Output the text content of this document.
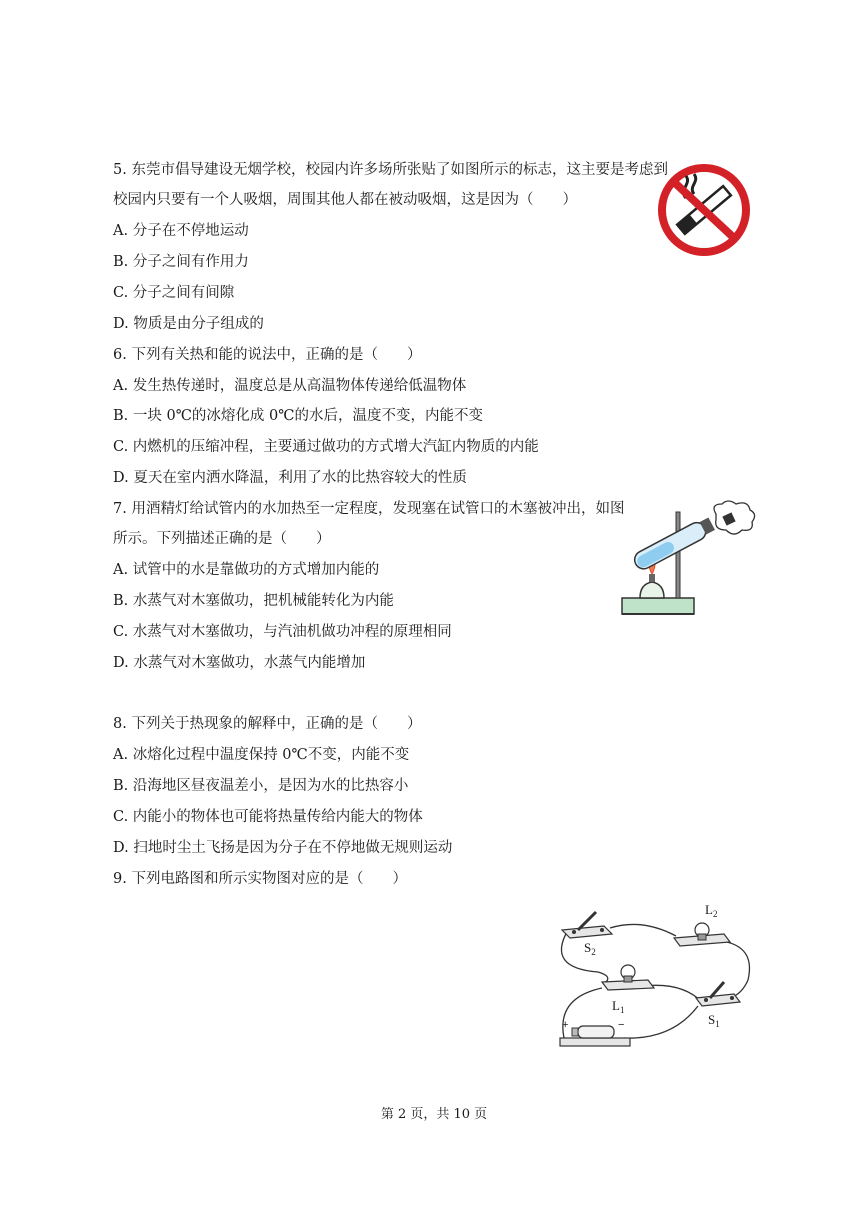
5. 东莞市倡导建设无烟学校，校园内许多场所张贴了如图所示的标志，这主要是考虑到
校园内只要有一个人吸烟，周围其他人都在被动吸烟，这是因为（　　）
A. 分子在不停地运动
B. 分子之间有作用力
C. 分子之间有间隙
D. 物质是由分子组成的
6. 下列有关热和能的说法中，正确的是（　　）
A. 发生热传递时，温度总是从高温物体传递给低温物体
B. 一块 0℃的冰熔化成 0℃的水后，温度不变，内能不变
C. 内燃机的压缩冲程，主要通过做功的方式增大汽缸内物质的内能
D. 夏天在室内洒水降温，利用了水的比热容较大的性质
7. 用酒精灯给试管内的水加热至一定程度，发现塞在试管口的木塞被冲出，如图
所示。下列描述正确的是（　　）
A. 试管中的水是靠做功的方式增加内能的
B. 水蒸气对木塞做功，把机械能转化为内能
C. 水蒸气对木塞做功，与汽油机做功冲程的原理相同
D. 水蒸气对木塞做功，水蒸气内能增加
8. 下列关于热现象的解释中，正确的是（　　）
A. 冰熔化过程中温度保持 0℃不变，内能不变
B. 沿海地区昼夜温差小，是因为水的比热容小
C. 内能小的物体也可能将热量传给内能大的物体
D. 扫地时尘土飞扬是因为分子在不停地做无规则运动
9. 下列电路图和所示实物图对应的是（　　）
$L_2$
$S_2$
$L_1$
$S_1$
+	−
第 2 页，共 10 页
